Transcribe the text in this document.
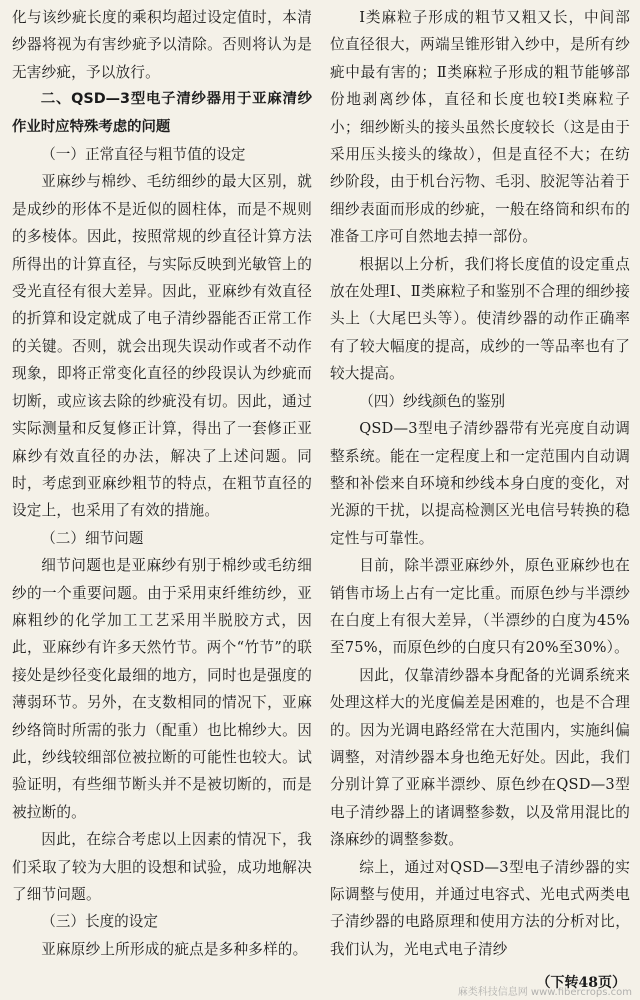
化与该纱疵长度的乘积均超过设定值时，本清纱器将视为有害纱疵予以清除。否则将认为是无害纱疵，予以放行。

二、QSD—3型电子清纱器用于亚麻清纱作业时应特殊考虑的问题
（一）正常直径与粗节值的设定

亚麻纱与棉纱、毛纺细纱的最大区别，就是成纱的形体不是近似的圆柱体，而是不规则的多棱体。因此，按照常规的纱直径计算方法所得出的计算直径，与实际反映到光敏管上的受光直径有很大差异。因此，亚麻纱有效直径的折算和设定就成了电子清纱器能否正常工作的关键。否则，就会出现失误动作或者不动作现象，即将正常变化直径的纱段误认为纱疵而切断，或应该去除的纱疵没有切。因此，通过实际测量和反复修正计算，得出了一套修正亚麻纱有效直径的办法，解决了上述问题。同时，考虑到亚麻纱粗节的特点，在粗节直径的设定上，也采用了有效的措施。

（二）细节问题

细节问题也是亚麻纱有别于棉纱或毛纺细纱的一个重要问题。由于采用束纤维纺纱，亚麻粗纱的化学加工工艺采用半脱胶方式，因此，亚麻纱有许多天然竹节。两个“竹节”的联接处是纱径变化最细的地方，同时也是强度的薄弱环节。另外，在支数相同的情况下，亚麻纱络筒时所需的张力（配重）也比棉纱大。因此，纱线较细部位被拉断的可能性也较大。试验证明，有些细节断头并不是被切断的，而是被拉断的。

因此，在综合考虑以上因素的情况下，我们采取了较为大胆的设想和试验，成功地解决了细节问题。

（三）长度的设定

亚麻原纱上所形成的疵点是多种多样的。

Ⅰ类麻粒子形成的粗节又粗又长，中间部位直径很大，两端呈锥形钳入纱中，是所有纱疵中最有害的；Ⅱ类麻粒子形成的粗节能够部份地剥离纱体，直径和长度也较Ⅰ类麻粒子小；细纱断头的接头虽然长度较长（这是由于采用压头接头的缘故），但是直径不大；在纺纱阶段，由于机台污物、毛羽、胶泥等沾着于细纱表面而形成的纱疵，一般在络筒和织布的准备工序可自然地去掉一部份。

根据以上分析，我们将长度值的设定重点放在处理Ⅰ、Ⅱ类麻粒子和鉴别不合理的细纱接头上（大尾巴头等）。使清纱器的动作正确率有了较大幅度的提高，成纱的一等品率也有了较大提高。

（四）纱线颜色的鉴别

QSD—3型电子清纱器带有光亮度自动调整系统。能在一定程度上和一定范围内自动调整和补偿来自环境和纱线本身白度的变化，对光源的干扰，以提高检测区光电信号转换的稳定性与可靠性。

目前，除半漂亚麻纱外，原色亚麻纱也在销售市场上占有一定比重。而原色纱与半漂纱在白度上有很大差异，（半漂纱的白度为45%至75%，而原色纱的白度只有20%至30%）。

因此，仅靠清纱器本身配备的光调系统来处理这样大的光度偏差是困难的，也是不合理的。因为光调电路经常在大范围内，实施纠偏调整，对清纱器本身也绝无好处。因此，我们分别计算了亚麻半漂纱、原色纱在QSD—3型电子清纱器上的诸调整参数，以及常用混比的涤麻纱的调整参数。

综上，通过对QSD—3型电子清纱器的实际调整与使用，并通过电容式、光电式两类电子清纱器的电路原理和使用方法的分析对比，我们认为，光电式电子清纱

（下转48页）
麻类科技信息网 www.fibercrops.com
